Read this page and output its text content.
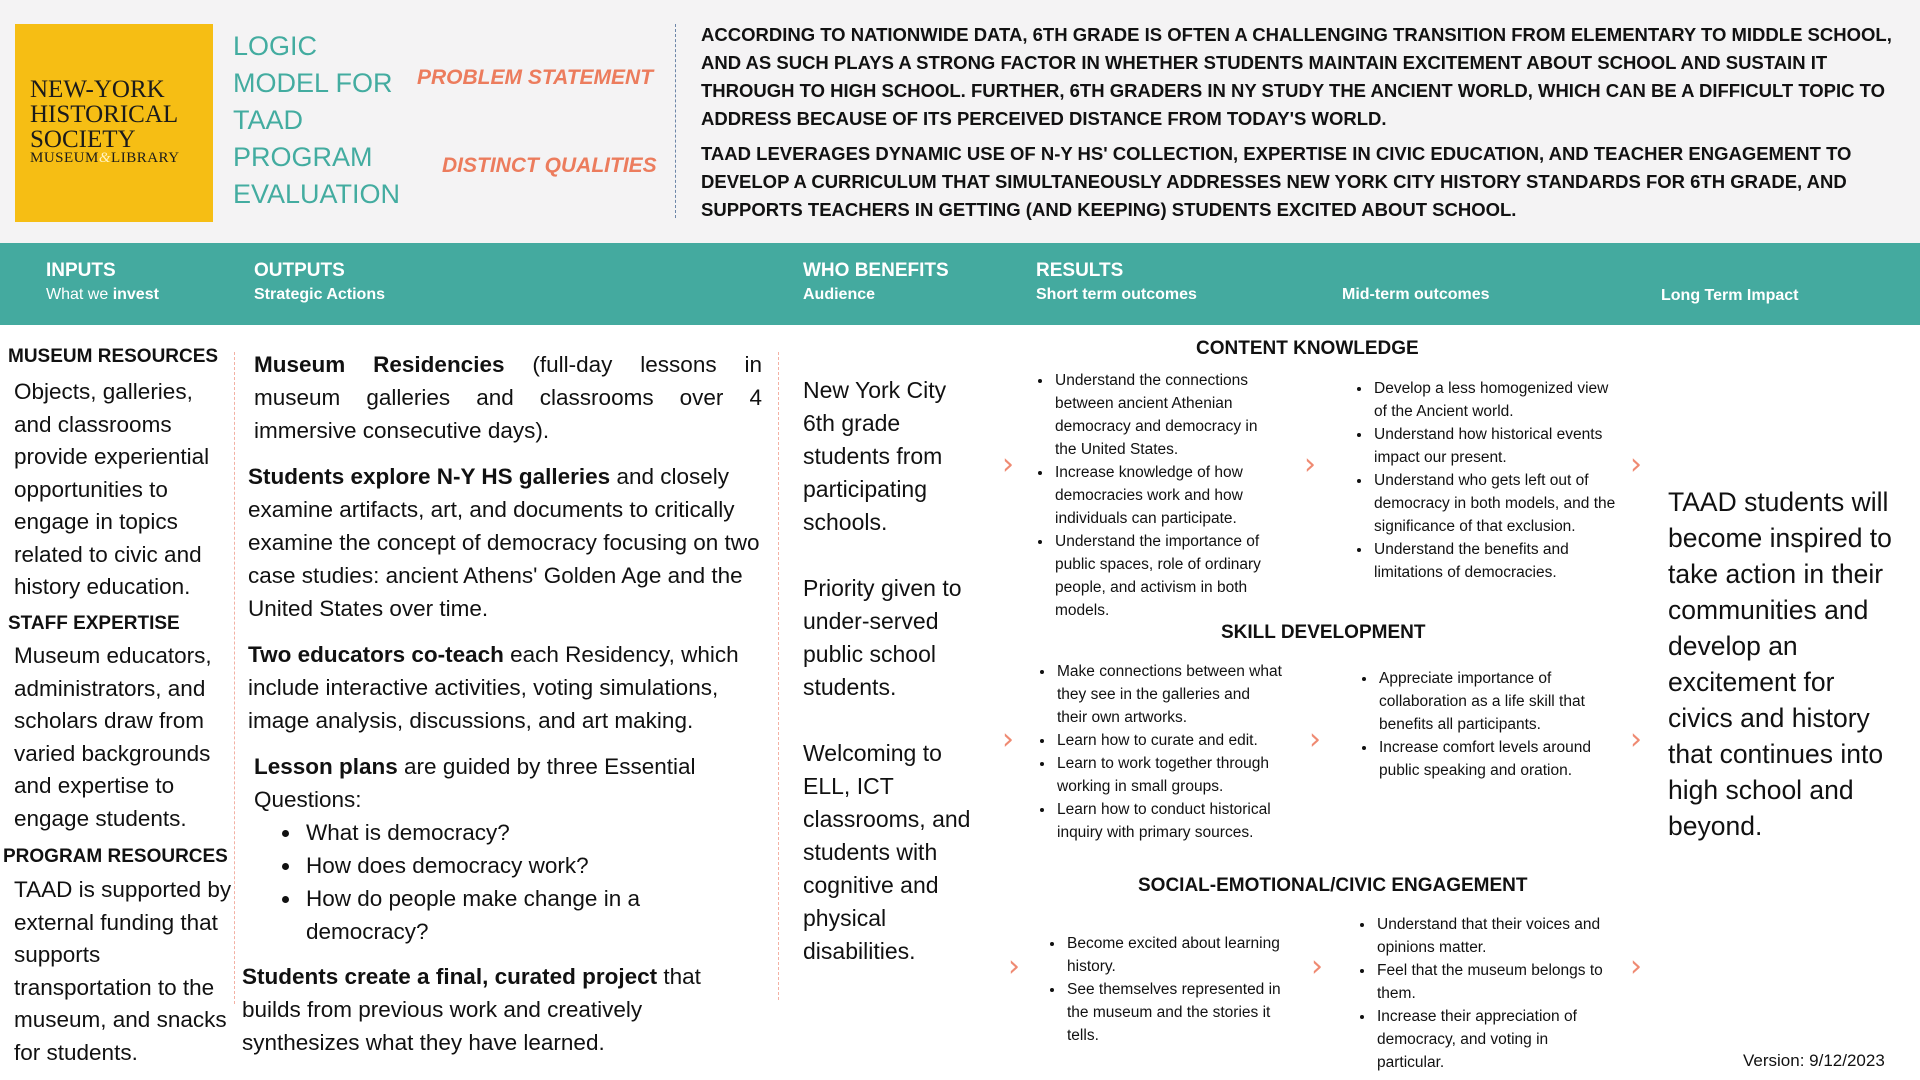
NEW-YORK
HISTORICAL
SOCIETY
MUSEUM&LIBRARY
LOGIC
MODEL FOR
TAAD
PROGRAM
EVALUATION
PROBLEM STATEMENT
DISTINCT QUALITIES
ACCORDING TO NATIONWIDE DATA, 6TH GRADE IS OFTEN A CHALLENGING TRANSITION FROM ELEMENTARY TO MIDDLE SCHOOL, AND AS SUCH PLAYS A STRONG FACTOR IN WHETHER STUDENTS MAINTAIN EXCITEMENT ABOUT SCHOOL AND SUSTAIN IT THROUGH TO HIGH SCHOOL. FURTHER, 6TH GRADERS IN NY STUDY THE ANCIENT WORLD, WHICH CAN BE A DIFFICULT TOPIC TO ADDRESS BECAUSE OF ITS PERCEIVED DISTANCE FROM TODAY'S WORLD.
TAAD LEVERAGES DYNAMIC USE OF N-Y HS' COLLECTION, EXPERTISE IN CIVIC EDUCATION, AND TEACHER ENGAGEMENT TO DEVELOP A CURRICULUM THAT SIMULTANEOUSLY ADDRESSES NEW YORK CITY HISTORY STANDARDS FOR 6TH GRADE, AND SUPPORTS TEACHERS IN GETTING (AND KEEPING) STUDENTS EXCITED ABOUT SCHOOL.
INPUTS
What we invest
OUTPUTS
Strategic Actions
WHO BENEFITS
Audience
RESULTS
Short term outcomes	Mid-term outcomes	Long Term Impact
MUSEUM RESOURCES
Objects, galleries, and classrooms provide experiential opportunities to engage in topics related to civic and history education.
STAFF EXPERTISE
Museum educators, administrators, and scholars draw from varied backgrounds and expertise to engage students.
PROGRAM RESOURCES
TAAD is supported by external funding that supports transportation to the museum, and snacks for students.

Museum Residencies (full-day lessons in museum galleries and classrooms over 4 immersive consecutive days).

Students explore N-Y HS galleries and closely examine artifacts, art, and documents to critically examine the concept of democracy focusing on two case studies: ancient Athens' Golden Age and the United States over time.

Two educators co-teach each Residency, which include interactive activities, voting simulations, image analysis, discussions, and art making.

Lesson plans are guided by three Essential Questions:
• What is democracy?
• How does democracy work?
• How do people make change in a democracy?

Students create a final, curated project that builds from previous work and creatively synthesizes what they have learned.

New York City 6th grade students from participating schools.

Priority given to under-served public school students.

Welcoming to ELL, ICT classrooms, and students with cognitive and physical disabilities.

CONTENT KNOWLEDGE
• Understand the connections between ancient Athenian democracy and democracy in the United States.
• Increase knowledge of how democracies work and how individuals can participate.
• Understand the importance of public spaces, role of ordinary people, and activism in both models.
• Develop a less homogenized view of the Ancient world.
• Understand how historical events impact our present.
• Understand who gets left out of democracy in both models, and the significance of that exclusion.
• Understand the benefits and limitations of democracies.
›	›	›
SKILL DEVELOPMENT
• Make connections between what they see in the galleries and their own artworks.
• Learn how to curate and edit.
• Learn to work together through working in small groups.
• Learn how to conduct historical inquiry with primary sources.
• Appreciate importance of collaboration as a life skill that benefits all participants.
• Increase comfort levels around public speaking and oration.
›	›	›
SOCIAL-EMOTIONAL/CIVIC ENGAGEMENT
• Become excited about learning history.
• See themselves represented in the museum and the stories it tells.
• Understand that their voices and opinions matter.
• Feel that the museum belongs to them.
• Increase their appreciation of democracy, and voting in particular.
›	›	›
TAAD students will become inspired to take action in their communities and develop an excitement for civics and history that continues into high school and beyond.
Version: 9/12/2023
